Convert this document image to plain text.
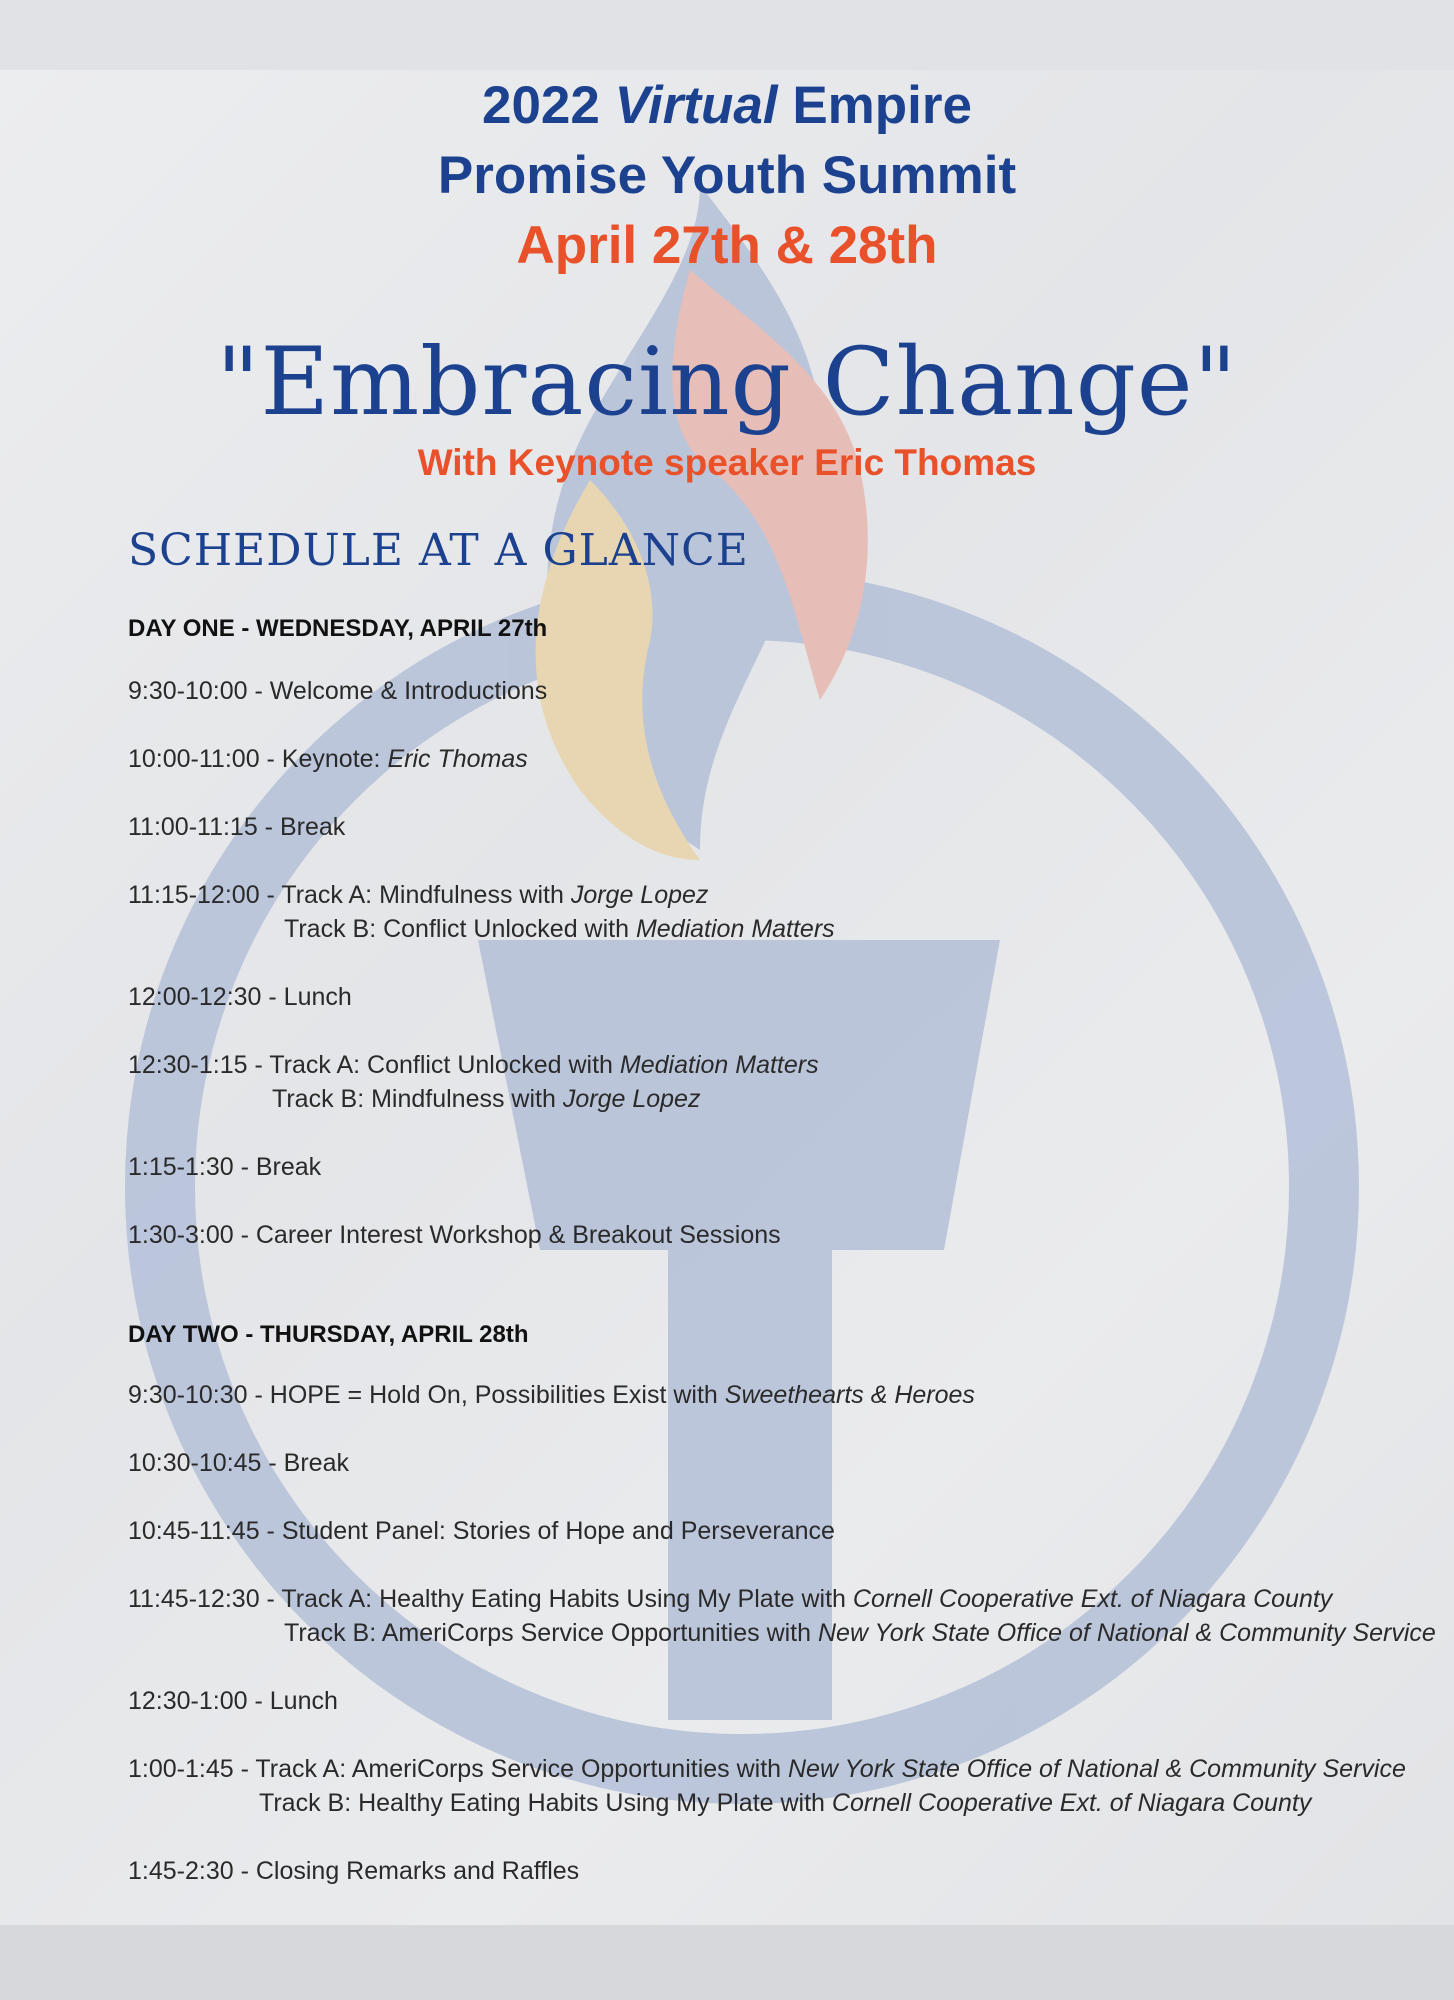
2022 Virtual Empire
Promise Youth Summit
April 27th & 28th
"Embracing Change"
With Keynote speaker Eric Thomas
SCHEDULE AT A GLANCE
DAY ONE - WEDNESDAY, APRIL 27th
9:30-10:00 - Welcome & Introductions
10:00-11:00 - Keynote: Eric Thomas
11:00-11:15 - Break
11:15-12:00 - Track A: Mindfulness with Jorge Lopez
Track B: Conflict Unlocked with Mediation Matters
12:00-12:30 - Lunch
12:30-1:15 - Track A: Conflict Unlocked with Mediation Matters
Track B: Mindfulness with Jorge Lopez
1:15-1:30 - Break
1:30-3:00 - Career Interest Workshop & Breakout Sessions
DAY TWO - THURSDAY, APRIL 28th
9:30-10:30 - HOPE = Hold On, Possibilities Exist with Sweethearts & Heroes
10:30-10:45 - Break
10:45-11:45 - Student Panel: Stories of Hope and Perseverance
11:45-12:30 - Track A: Healthy Eating Habits Using My Plate with Cornell Cooperative Ext. of Niagara County
Track B: AmeriCorps Service Opportunities with New York State Office of National & Community Service
12:30-1:00 - Lunch
1:00-1:45 - Track A: AmeriCorps Service Opportunities with New York State Office of National & Community Service
Track B: Healthy Eating Habits Using My Plate with Cornell Cooperative Ext. of Niagara County
1:45-2:30 - Closing Remarks and Raffles
